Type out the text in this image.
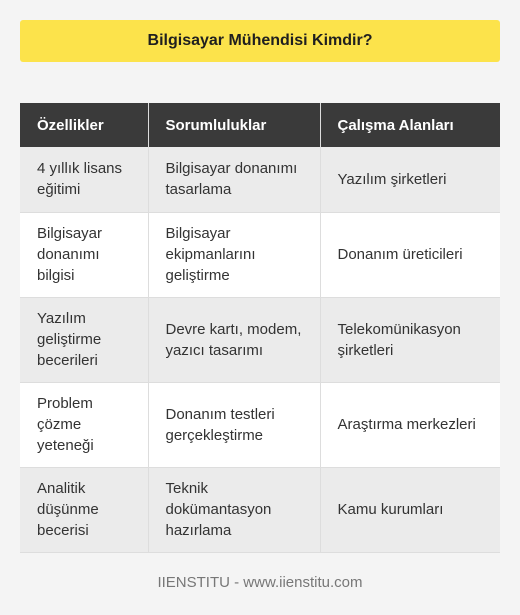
Bilgisayar Mühendisi Kimdir?
Özellikler	Sorumluluklar	Çalışma Alanları
4 yıllık lisans eğitimi	Bilgisayar donanımı tasarlama	Yazılım şirketleri
Bilgisayar donanımı bilgisi	Bilgisayar ekipmanlarını geliştirme	Donanım üreticileri
Yazılım geliştirme becerileri	Devre kartı, modem, yazıcı tasarımı	Telekomünikasyon şirketleri
Problem çözme yeteneği	Donanım testleri gerçekleştirme	Araştırma merkezleri
Analitik düşünme becerisi	Teknik dokümantasyon hazırlama	Kamu kurumları
IIENSTITU - www.iienstitu.com
